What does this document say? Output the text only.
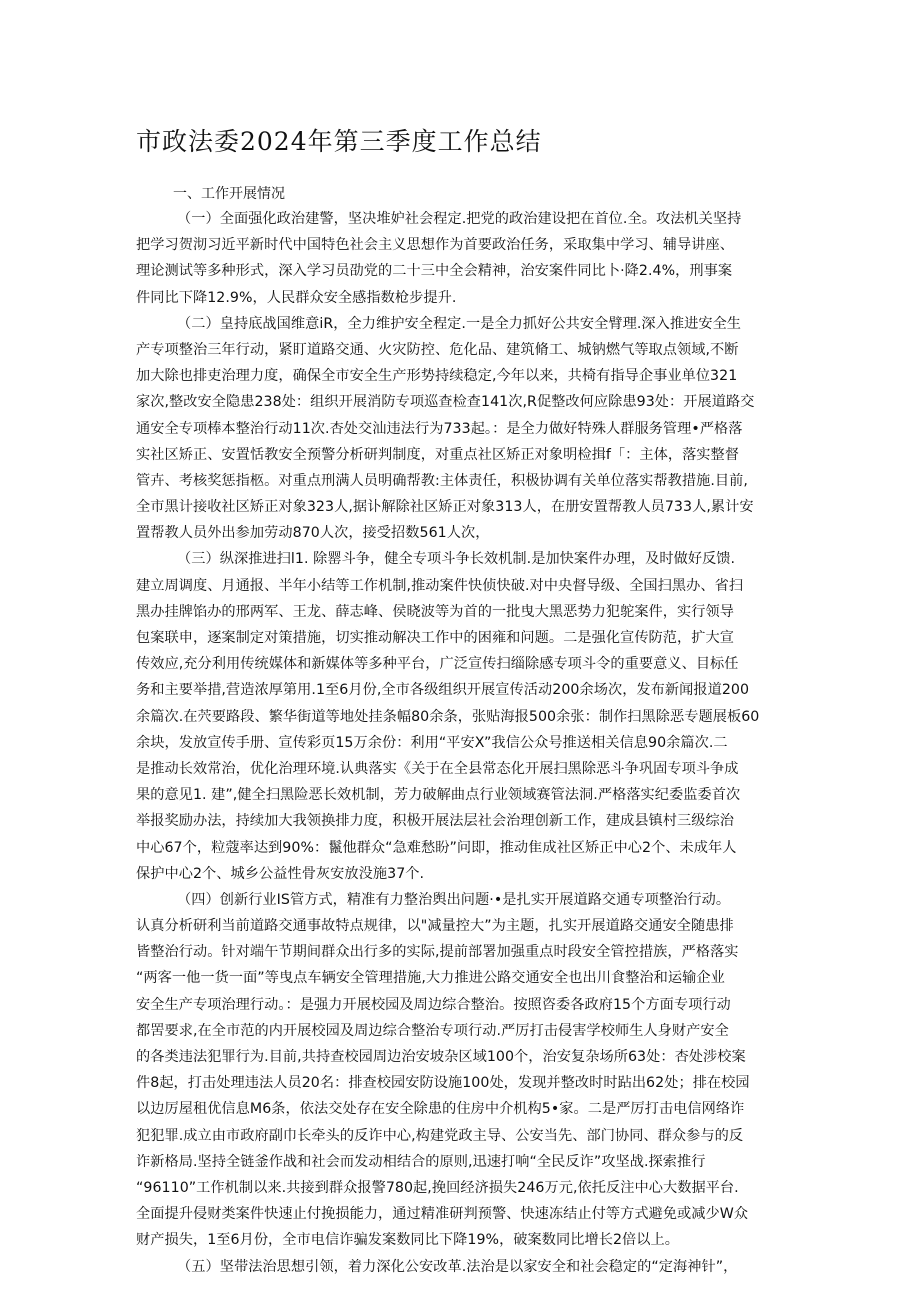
市政法委2024年第三季度工作总结
一、工作开展情况
（一）全面强化政治建警，坚决堆妒社会程定.把党的政治建设把在首位.全。攻法机关坚持
把学习贺沏习近平新时代中国特色社会主义思想作为首要政治任务，采取集中学习、辅导讲座、
理论测试等多种形式，深入学习员劭党的二十三中全会精神，治安案件同比卜·降2.4%，刑事案
件同比下降12.9%，人民群众安全感指数枪步提升.
（二）皇持底战国维意iR，全力维护安全程定.一是全力抓好公共安全臂理.深入推进安全生
产专项整治三年行动，紧盯道路交通、火灾防控、危化品、建筑脩工、城钠燃气等取点领域,不断
加大除也排吏治理力度，确保全市安全生产形势持续稳定,今年以来，共椅有指导企事业单位321
家次,整改安全隐患238处：组织开展消防专项巡查检查141次,R促整改何应除患93处：开展道路交
通安全专项棒本整治行动11次.杏处交汕违法行为733起。：是全力做好特殊人群服务管理•严格落
实社区矫正、安置恬教安全预警分析研判制度，对重点社区矫正对象明检揖f「：主体，落实整督
管卉、考核奖惩指柩。对重点刑满人员明确帮教:主体责任，积极协调有关单位落实帮教措施.目前,
全市黑计接收社区矫正对象323人,据讣解除社区矫正对象313人，在册安置帮教人员733人,累计安
置帮教人员外出参加劳动870人次，接受招数561人次，
（三）纵深推进扫l1. 除罂斗争，健全专项斗争长效机制.是加快案件办理，及时做好反馈.
建立周调度、月通报、半年小结等工作机制,推动案件快侦快破.对中央督导级、全国扫黑办、省扫
黑办挂牌馅办的邢两军、王龙、薛志峰、侯晓波等为首的一批曳大黑恶势力犯鸵案件，实行领导
包案联申，逐案制定对策措施，切实推动解决工作中的困雍和问题。二是强化宣传防范，扩大宣
传效应,充分利用传统媒体和新媒体等多种平台，广泛宣传扫缁除感专项斗令的重要意义、目标任
务和主要举措,营造浓厚第用.1至6月份,全市各级组织开展宣传活动200余场次，发布新闻报道200
余篇次.在茓要路段、繁华街道等地处挂条幅80余条，张贴海报500余张：制作扫黑除恶专题展板60
余块，发放宣传手册、宣传彩页15万余份：利用“平安X”我信公众号推送相关信息90余篇次.二
是推动长效常治，优化治理环境.认典落实《关于在全县常态化开展扫黑除恶斗争巩固专项斗争成
果的意见1. 建”,健全扫黑险恶长效机制，芳力破解曲点行业领域赛管法洞.严格落实纪委监委首次
举报奖励办法，持续加大我领换排力度，积极开展法层社会治理创新工作，建成县镇村三级综治
中心67个，粒蔻率达到90%：鬣他群众“急难愁盼”问即，推动隹成社区矫正中心2个、未成年人
保护中心2个、城乡公益性骨灰安放没施37个.
（四）创新行业IS管方式，精准有力整治舆出问题·•是扎实开展道路交通专项整治行动。
认真分析研利当前道路交通事故特点规律，以"减量控大”为主题，扎实开展道路交通安全随患排
皆整治行动。针对端午节期间群众出行多的实际,提前部署加强重点时段安全管控措族，严格落实
“两客一他一货一面”等曳点车辆安全管理措施,大力推进公路交通安全也出川食整治和运输企业
安全生产专项治理行动。：是强力开展校园及周边综合整治。按照咨委各政府15个方面专项行动
都罟要求,在全市范的内开展校园及周边综合整治专项行动.严厉打击侵害学校师生人身财产安全
的各类违法犯罪行为.目前,共持查校园周边治安坡杂区域100个，治安复杂场所63处：杏处涉校案
件8起，打击处理违法人员20名：排查校园安防设施100处，发现并整改时时跕出62处；排在校园
以边厉屋租优信息M6条，依法交处存在安全除患的住房中介机构5•家。二是严厉打击电信网络诈
犯犯罪.成立由市政府副巾长牵头的反诈中心,构建党政主导、公安当先、部门协同、群众参与的反
诈新格局.坚持全链釜作战和社会而发动相结合的原则,迅速打响“全民反诈”攻坚战.探索推行
“96110”工作机制以来.共接到群众报警780起,挽回经济损失246万元,依托反注中心大数据平台.
全面提升侵财类案件快速止付挽损能力，通过精准研判预警、快速冻结止付等方式避免或减少W众
财产损失，1至6月份，全市电信诈骗发案数同比下降19%，破案数同比增长2倍以上。
（五）坚带法治思想引领，着力深化公安改革.法治是以家安全和社会稳定的“定海神针”，
